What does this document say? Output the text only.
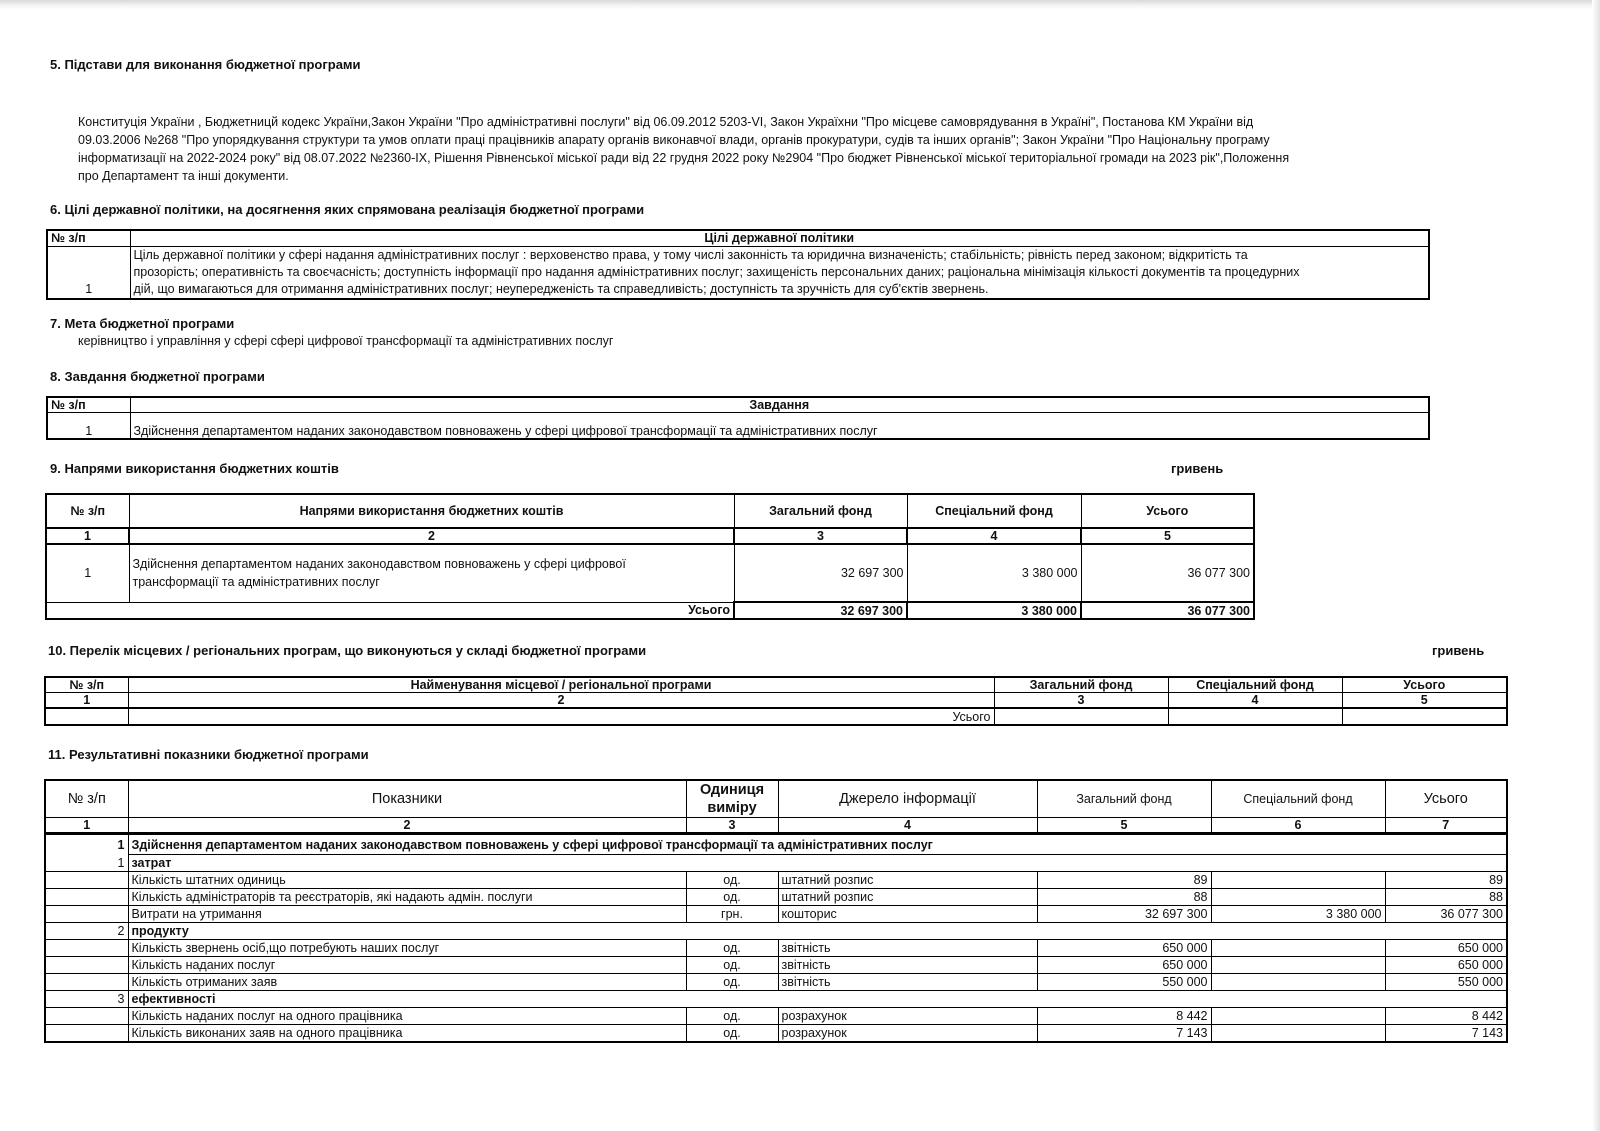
5. Підстави для виконання бюджетної програми
Конституція України , Бюджетницй кодекс України,Закон України "Про адміністративні послуги" від 06.09.2012 5203-VI, Закон Україхни "Про місцеве самоврядування в Україні", Постанова КМ України від
09.03.2006 №268 "Про упорядкування структури та умов оплати праці працівників апарату органів виконавчої влади, органів прокуратури, судів та інших органів"; Закон України "Про Національну програму
інформатизації на 2022-2024 року" від 08.07.2022 №2360-IX, Рішення Рівненської міської ради від 22 грудня 2022 року №2904 "Про бюджет Рівненської міської територіальної громади на 2023 рік",Положення
про Департамент та інші документи.
6. Цілі державної політики, на досягнення яких спрямована реалізація бюджетної програми
№ з/п	Цілі державної політики
1	Ціль державної політики у сфері надання адміністративних послуг : верховенство права, у тому числі законність та юридична визначеність; стабільність; рівність перед законом; відкритість та
прозорість; оперативність та своєчасність; доступність інформації про надання адміністративних послуг; захищеність персональних даних; раціональна мінімізація кількості документів та процедурних
дій, що вимагаються для отримання адміністративних послуг; неупередженість та справедливість; доступність та зручність для суб'єктів звернень.
7. Мета бюджетної програми
керівництво і управління у сфері сфері цифрової трансформації та адміністративних послуг
8. Завдання бюджетної програми
№ з/п	Завдання
1	Здійснення департаментом наданих законодавством повноважень у сфері цифрової трансформації та адміністративних послуг
9. Напрями використання бюджетних коштів	гривень
№ з/п	Напрями використання бюджетних коштів	Загальний фонд	Спеціальний фонд	Усього
1	2	3	4	5
1	Здійснення департаментом наданих законодавством повноважень у сфері цифрової
трансформації та адміністративних послуг	32 697 300	3 380 000	36 077 300
Усього		32 697 300	3 380 000	36 077 300
10. Перелік місцевих / регіональних програм, що виконуються у складі бюджетної програми	гривень
№ з/п	Найменування місцевої / регіональної програми	Загальний фонд	Спеціальний фонд	Усього
1	2	3	4	5
	Усього			
11. Результативні показники бюджетної програми
№ з/п	Показники	Одиниця виміру	Джерело інформації	Загальний фонд	Спеціальний фонд	Усього
1	2	3	4	5	6	7
1	Здійснення департаментом наданих законодавством повноважень у сфері цифрової трансформації та адміністративних послуг					
1	затрат					
	Кількість штатних одиниць	од.	штатний розпис	89		89
	Кількість адміністраторів та реєстраторів, які надають адмін. послуги	од.	штатний розпис	88		88
	Витрати на утримання	грн.	кошторис	32 697 300	3 380 000	36 077 300
2	продукту					
	Кількість звернень осіб,що потребують наших послуг	од.	звітність	650 000		650 000
	Кількість наданих послуг	од.	звітність	650 000		650 000
	Кількість отриманих заяв	од.	звітність	550 000		550 000
3	ефективності					
	Кількість наданих послуг на одного працівника	од.	розрахунок	8 442		8 442
	Кількість виконаних заяв на одного працівника	од.	розрахунок	7 143		7 143
